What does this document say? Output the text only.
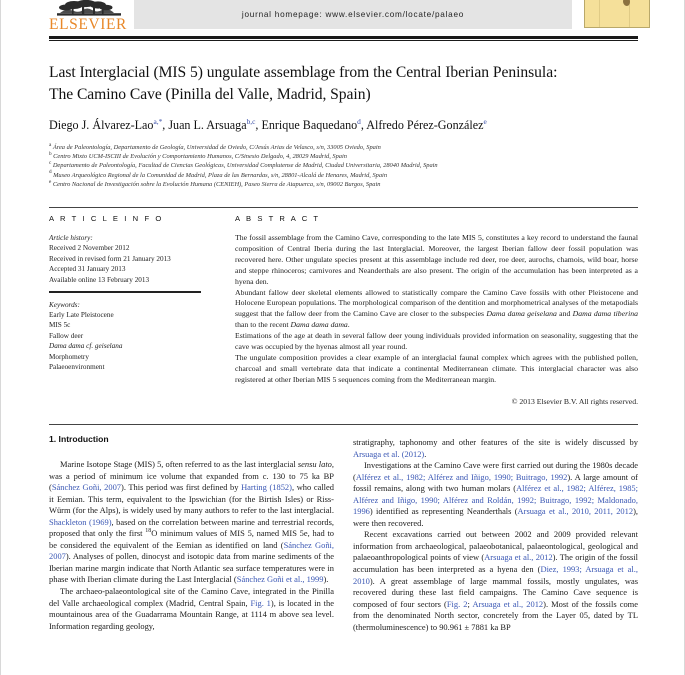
ELSEVIER
journal homepage: www.elsevier.com/locate/palaeo
Last Interglacial (MIS 5) ungulate assemblage from the Central Iberian Peninsula:
The Camino Cave (Pinilla del Valle, Madrid, Spain)
Diego J. Álvarez-Lao$^{a,*}$, Juan L. Arsuaga$^{b,c}$, Enrique Baquedano$^d$, Alfredo Pérez-González$^e$
$^a$ Área de Paleontología, Departamento de Geología, Universidad de Oviedo, C/Jesús Arias de Velasco, s/n, 33005 Oviedo, Spain
$^b$ Centro Mixto UCM-ISCIII de Evolución y Comportamiento Humanos, C/Sinesio Delgado, 4, 28029 Madrid, Spain
$^c$ Departamento de Paleontología, Facultad de Ciencias Geológicas, Universidad Complutense de Madrid, Ciudad Universitaria, 28040 Madrid, Spain
$^d$ Museo Arqueológico Regional de la Comunidad de Madrid, Plaza de las Bernardas, s/n, 28801-Alcalá de Henares, Madrid, Spain
$^e$ Centro Nacional de Investigación sobre la Evolución Humana (CENIEH), Paseo Sierra de Atapuerca, s/n, 09002 Burgos, Spain
A R T I C L E I N F O
Article history:
Received 2 November 2012
Received in revised form 21 January 2013
Accepted 31 January 2013
Available online 13 February 2013
Keywords:
Early Late Pleistocene
MIS 5c
Fallow deer
Dama dama cf. geiselana
Morphometry
Palaeoenvironment
A B S T R A C T

The fossil assemblage from the Camino Cave, corresponding to the late MIS 5, constitutes a key record to understand the faunal composition of Central Iberia during the last Interglacial. Moreover, the largest Iberian fallow deer fossil population was recovered here. Other ungulate species present at this assemblage include red deer, roe deer, aurochs, chamois, wild boar, horse and steppe rhinoceros; carnivores and Neanderthals are also present. The origin of the accumulation has been interpreted as a hyena den.

Abundant fallow deer skeletal elements allowed to statistically compare the Camino Cave fossils with other Pleistocene and Holocene European populations. The morphological comparison of the dentition and morphometrical analyses of the metapodials suggest that the fallow deer from the Camino Cave are closer to the subspecies Dama dama geiselana and Dama dama tiberina than to the recent Dama dama dama.

Estimations of the age at death in several fallow deer young individuals provided information on seasonality, suggesting that the cave was occupied by the hyenas almost all year round.

The ungulate composition provides a clear example of an interglacial faunal complex which agrees with the published pollen, charcoal and small vertebrate data that indicate a continental Mediterranean climate. This interglacial character was also registered at other Iberian MIS 5 sequences coming from the Mediterranean margin.

© 2013 Elsevier B.V. All rights reserved.
1. Introduction

Marine Isotope Stage (MIS) 5, often referred to as the last interglacial sensu lato, was a period of minimum ice volume that expanded from c. 130 to 75 ka BP (Sánchez Goñi, 2007). This period was first defined by Harting (1852), who called it Eemian. This term, equivalent to the Ipswichian (for the Birtish Isles) or Riss-Würm (for the Alps), is widely used by many authors to refer to the last interglacial. Shackleton (1969), based on the correlation between marine and terrestrial records, proposed that only the first $^{18}$O minimum values of MIS 5, named MIS 5e, had to be considered the equivalent of the Eemian as identified on land (Sánchez Goñi, 2007). Analyses of pollen, dinocyst and isotopic data from marine sediments of the Iberian marine margin indicate that North Atlantic sea surface temperatures were in phase with Iberian climate during the Last Interglacial (Sánchez Goñi et al., 1999).

The archaeo-palaeontological site of the Camino Cave, integrated in the Pinilla del Valle archaeological complex (Madrid, Central Spain, Fig. 1), is located in the mountainous area of the Guadarrama Mountain Range, at 1114 m above sea level. Information regarding geology,

stratigraphy, taphonomy and other features of the site is widely discussed by Arsuaga et al. (2012).

Investigations at the Camino Cave were first carried out during the 1980s decade (Alférez et al., 1982; Alférez and Iñigo, 1990; Buitrago, 1992). A large amount of fossil remains, along with two human molars (Alférez et al., 1982; Alférez, 1985; Alférez and Iñigo, 1990; Alférez and Roldán, 1992; Buitrago, 1992; Maldonado, 1996) identified as representing Neanderthals (Arsuaga et al., 2010, 2011, 2012), were then recovered.

Recent excavations carried out between 2002 and 2009 provided relevant information from archaeological, palaeobotanical, palaeontological, geological and palaeoanthropological points of view (Arsuaga et al., 2012). The origin of the fossil accumulation has been interpreted as a hyena den (Diez, 1993; Arsuaga et al., 2010). A great assemblage of large mammal fossils, mostly ungulates, was recovered during these last field campaigns. The Camino Cave sequence is composed of four sectors (Fig. 2; Arsuaga et al., 2012). Most of the fossils come from the denominated North sector, concretely from the Layer 05, dated by TL (thermoluminescence) to 90.961 ± 7881 ka BP
